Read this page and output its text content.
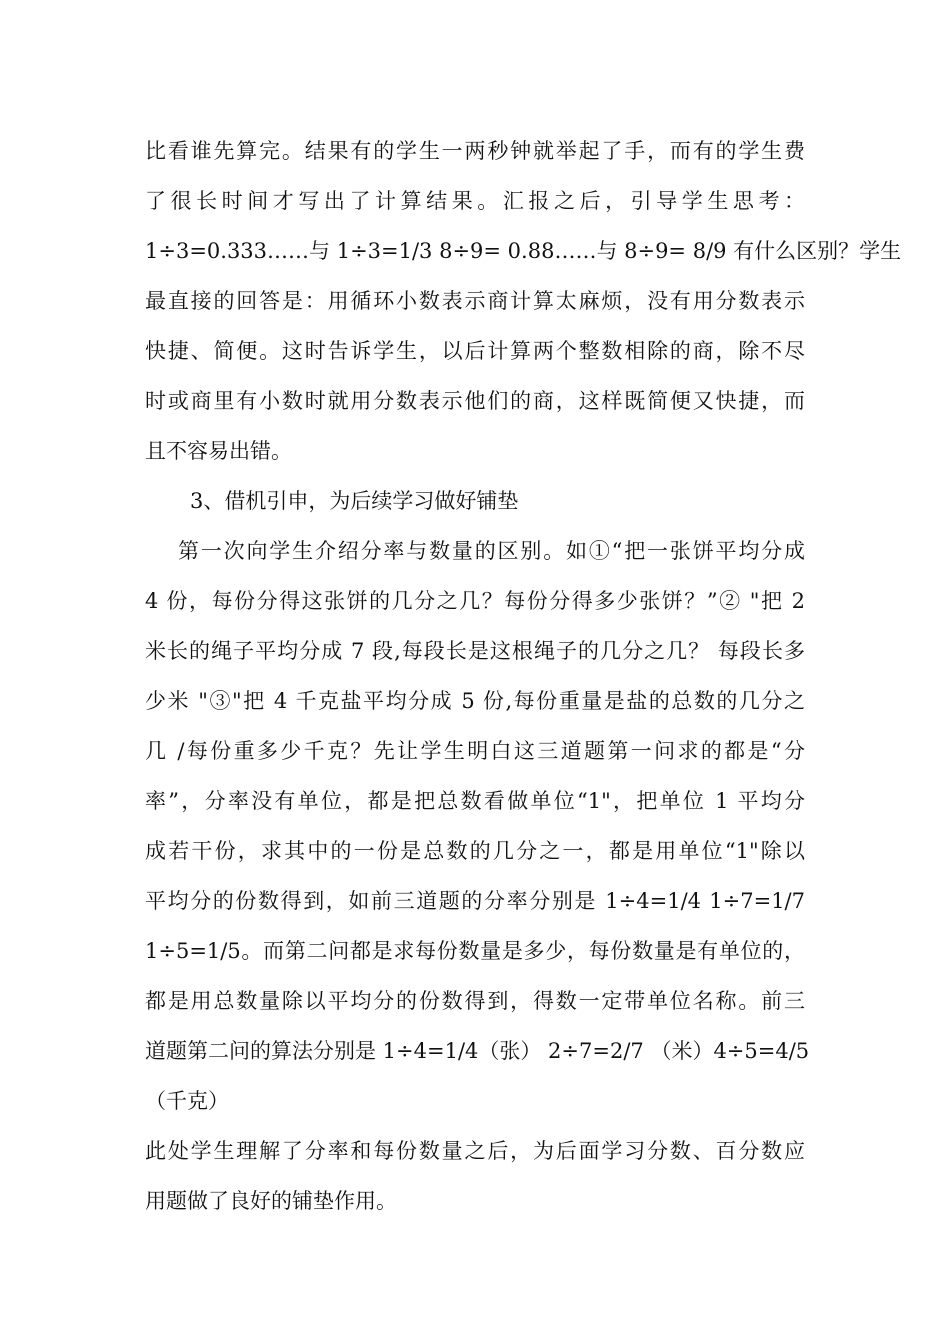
比看谁先算完。结果有的学生一两秒钟就举起了手，而有的学生费
了很长时间才写出了计算结果。汇报之后，引导学生思考：
1÷3=0.333……与 1÷3=1/3 8÷9= 0.88……与 8÷9= 8/9 有什么区别？学生
最直接的回答是：用循环小数表示商计算太麻烦，没有用分数表示
快捷、简便。这时告诉学生，以后计算两个整数相除的商，除不尽
时或商里有小数时就用分数表示他们的商，这样既简便又快捷，而
且不容易出错。
3、借机引申，为后续学习做好铺垫
第一次向学生介绍分率与数量的区别。如①“把一张饼平均分成
4 份，每份分得这张饼的几分之几？每份分得多少张饼？”② "把 2
米长的绳子平均分成 7 段,每段长是这根绳子的几分之几？ 每段长多
少米 "③"把 4 千克盐平均分成 5 份,每份重量是盐的总数的几分之
几 /每份重多少千克？先让学生明白这三道题第一问求的都是“分
率”，分率没有单位，都是把总数看做单位“1"，把单位 1 平均分
成若干份，求其中的一份是总数的几分之一，都是用单位“1"除以
平均分的份数得到，如前三道题的分率分别是 1÷4=1/4 1÷7=1/7
1÷5=1/5。而第二问都是求每份数量是多少，每份数量是有单位的，
都是用总数量除以平均分的份数得到，得数一定带单位名称。前三
道题第二问的算法分别是 1÷4=1/4（张） 2÷7=2/7 （米）4÷5=4/5
（千克）
此处学生理解了分率和每份数量之后，为后面学习分数、百分数应
用题做了良好的铺垫作用。
